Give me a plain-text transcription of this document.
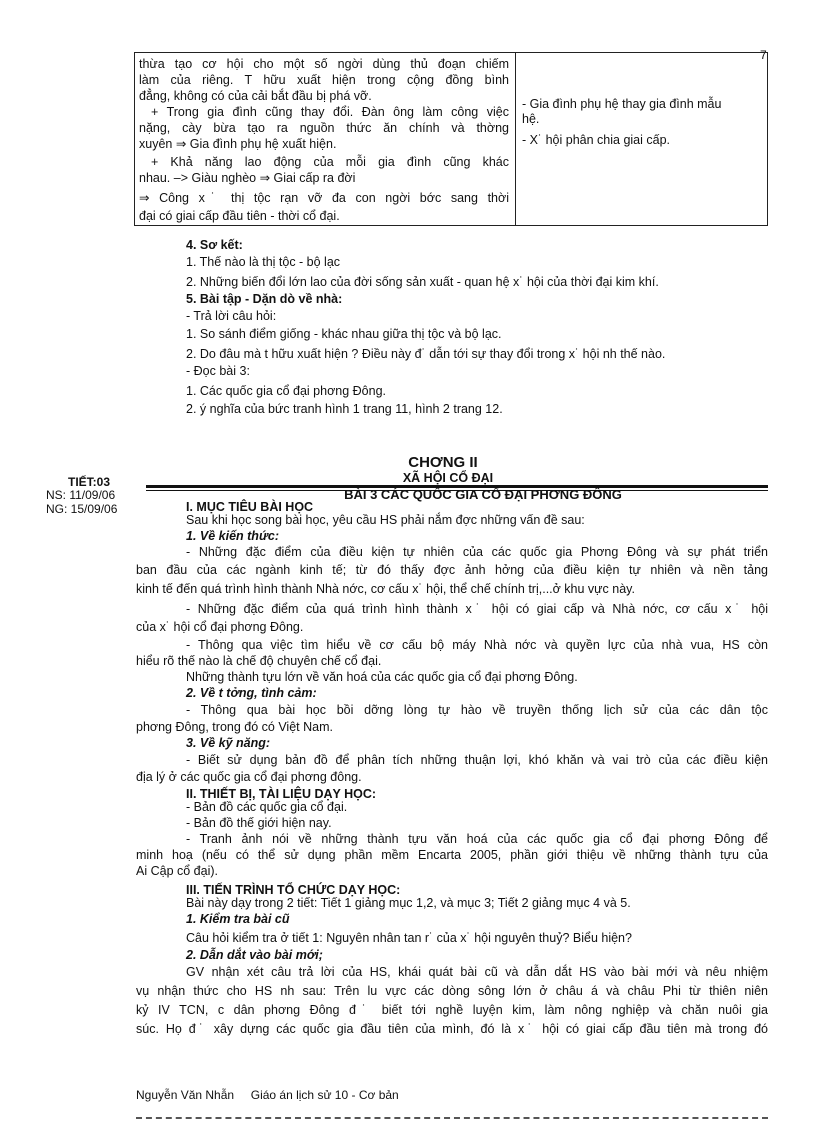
7
thừa tạo cơ hội cho một số ngời dùng thủ đoạn chiếm
làm của riêng. T hữu xuất hiện trong cộng đồng bình
đẳng, không có của cải bắt đầu bị phá vỡ.
+ Trong gia đình cũng thay đổi. Đàn ông làm công việc
nặng, cày bừa tạo ra nguồn thức ăn chính và thờng
xuyên ⇒ Gia đình phụ hệ xuất hiện.
+ Khả năng lao động của mỗi gia đình cũng khác
nhau. –> Giàu nghèo ⇒ Giai cấp ra đời
⇒ Công x˙ thị tộc rạn vỡ đa con ngời bớc sang thời
đại có giai cấp đầu tiên - thời cổ đại.

- Gia đình phụ hệ thay gia đình mẫu
hệ.
- X˙ hội phân chia giai cấp.
4. Sơ kết:
1. Thế nào là thị tộc - bộ lạc
2. Những biến đổi lớn lao của đời sống sản xuất - quan hệ x˙ hội của thời đại kim khí.
5. Bài tập - Dặn dò về nhà:
- Trả lời câu hỏi:
1. So sánh điểm giống - khác nhau giữa thị tộc và bộ lạc.
2. Do đâu mà t hữu xuất hiện ? Điều này đ˙ dẫn tới sự thay đổi trong x˙ hội nh thế nào.
- Đọc bài 3:
1. Các quốc gia cổ đại phơng Đông.
2. ý nghĩa của bức tranh hình 1 trang 11, hình 2 trang 12.
CHƠNG II
XÃ HỘI CỔ ĐẠI
BÀI 3 CÁC QUỐC GIA CỔ ĐẠI PHƠNG ĐÔNG
TIẾT:03
NS: 11/09/06
NG: 15/09/06	I. MỤC TIÊU BÀI HỌC
Sau khi học song bài học, yêu cầu HS phải nắm đợc những vấn đề sau:
1. Về kiến thức:
- Những đặc điểm của điều kiện tự nhiên của các quốc gia Phơng Đông và sự phát triển
ban đầu của các ngành kinh tế; từ đó thấy đợc ảnh hởng của điều kiện tự nhiên và nền tảng
kinh tế đến quá trình hình thành Nhà nớc, cơ cấu x˙ hội, thể chế chính trị,...ở khu vực này.
- Những đặc điểm của quá trình hình thành x˙ hội có giai cấp và Nhà nớc, cơ cấu x˙ hội
của x˙ hội cổ đại phơng Đông.
- Thông qua việc tìm hiểu về cơ cấu bộ máy Nhà nớc và quyền lực của nhà vua, HS còn
hiểu rõ thế nào là chế độ chuyên chế cổ đại.
Những thành tựu lớn về văn hoá của các quốc gia cổ đại phơng Đông.
2. Về t tởng, tình cảm:
- Thông qua bài học bồi dỡng lòng tự hào về truyền thống lịch sử của các dân tộc
phơng Đông, trong đó có Việt Nam.
3. Về kỹ năng:
- Biết sử dụng bản đồ để phân tích những thuận lợi, khó khăn và vai trò của các điều kiện
địa lý ở các quốc gia cổ đại phơng đông.
II. THIẾT BỊ, TÀI LIỆU DẠY HỌC:
- Bản đồ các quốc gia cổ đại.
- Bản đồ thế giới hiện nay.
- Tranh ảnh nói về những thành tựu văn hoá của các quốc gia cổ đại phơng Đông để
minh hoạ (nếu có thể sử dụng phần mềm Encarta 2005, phần giới thiệu về những thành tựu của
Ai Cập cổ đại).
III. TIẾN TRÌNH TỔ CHỨC DẠY HỌC:
Bài này dạy trong 2 tiết: Tiết 1 giảng mục 1,2, và mục 3; Tiết 2 giảng mục 4 và 5.
1. Kiểm tra bài cũ
Câu hỏi kiểm tra ở tiết 1: Nguyên nhân tan r˙ của x˙ hội nguyên thuỷ? Biểu hiện?
2. Dẫn dắt vào bài mới;
GV nhận xét câu trả lời của HS, khái quát bài cũ và dẫn dắt HS vào bài mới và nêu nhiệm
vụ nhận thức cho HS nh sau: Trên lu vực các dòng sông lớn ở châu á và châu Phi từ thiên niên
kỷ IV TCN, c dân phơng Đông đ˙ biết tới nghề luyện kim, làm nông nghiệp và chăn nuôi gia
súc. Họ đ˙ xây dựng các quốc gia đầu tiên của mình, đó là x˙ hội có giai cấp đầu tiên mà trong đó
Nguyễn Văn Nhẫn     Giáo án lịch sử 10 - Cơ bản
